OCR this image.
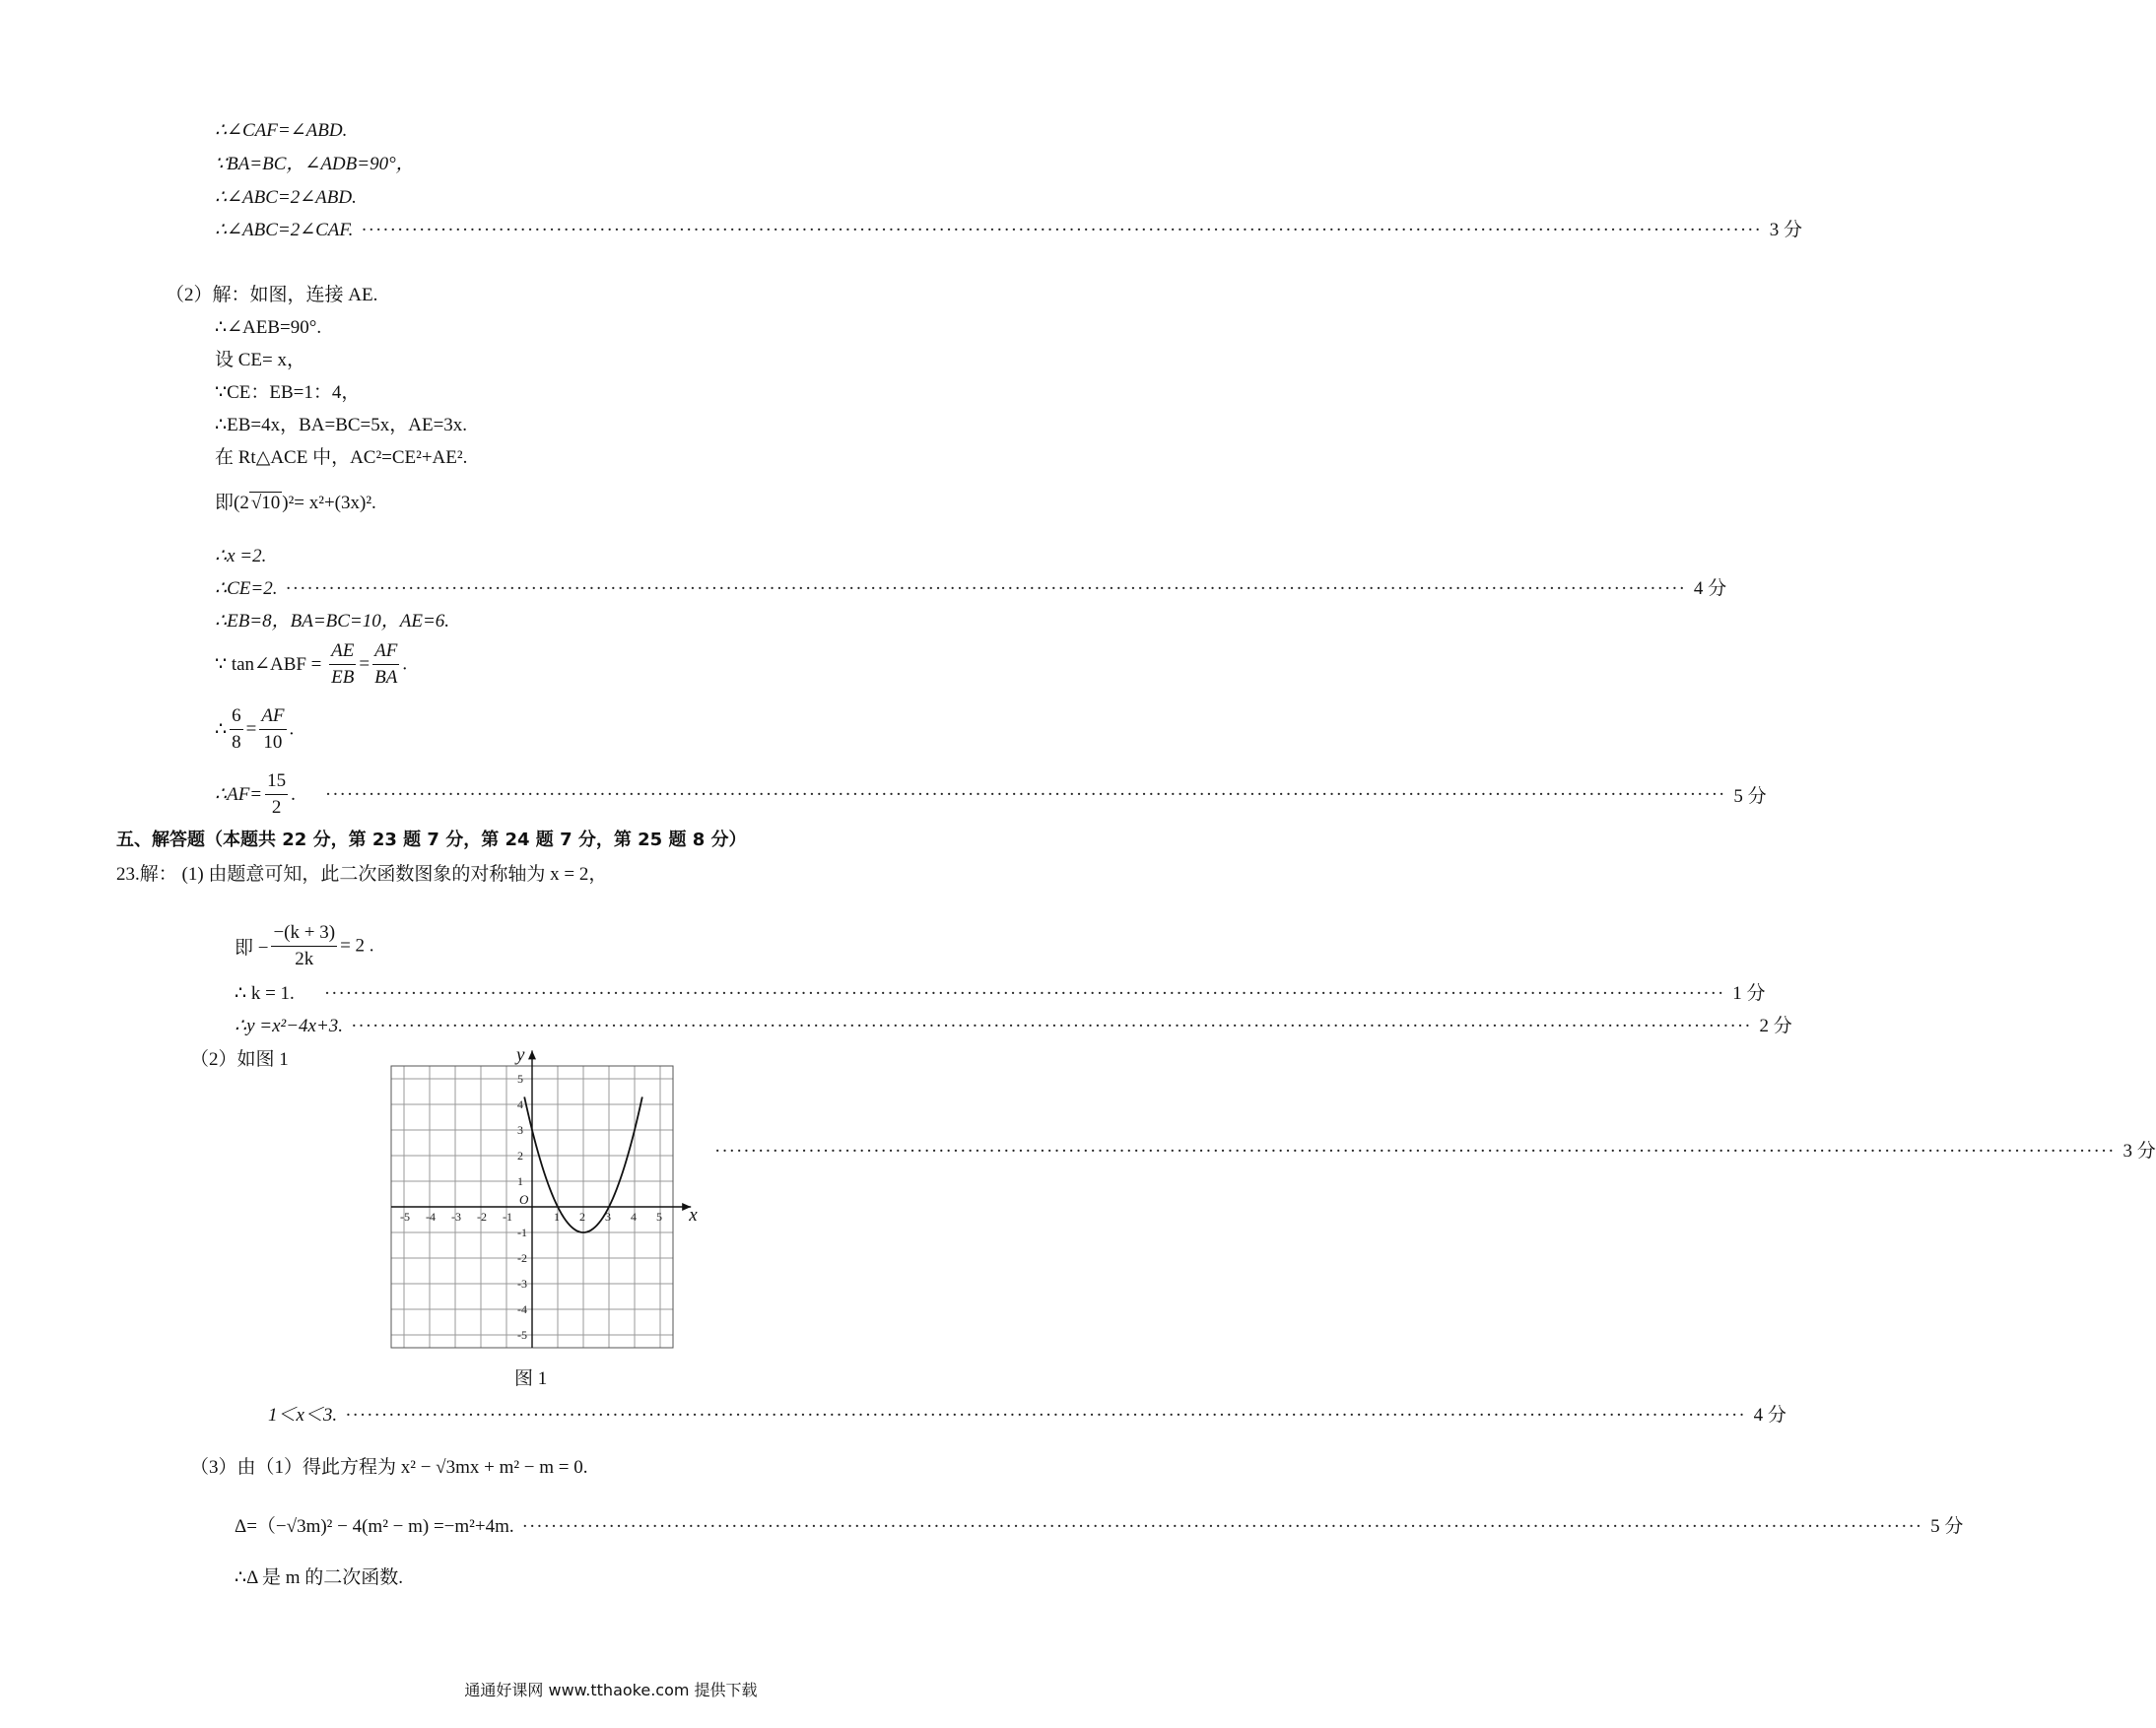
∴∠CAF=∠ABD.
∵BA=BC，∠ADB=90°，
∴∠ABC=2∠ABD.
∴∠ABC=2∠CAF. ·····	3 分
（2）解：如图，连接 AE.
∴∠AEB=90°.
设 CE= x，
∵CE：EB=1：4，
∴EB=4x，BA=BC=5x，AE=3x.
在 Rt△ACE 中，AC²=CE²+AE².
即(2 √10 )²= x²+(3x)².
∴x =2.
∴CE=2. ·····	4 分
∴EB=8，BA=BC=10，AE=6.
∵ tan∠ABF = $\frac{AE}{EB} = \frac{AF}{BA}$ .
∴ $\frac{6}{8} = \frac{AF}{10}$ .
∴AF= $\frac{15}{2}$ . ·····	5 分
五、解答题（本题共 22 分，第 23 题 7 分，第 24 题 7 分，第 25 题 8 分）
23.解： (1) 由题意可知，此二次函数图象的对称轴为 x = 2，
即 − $\frac{-(k + 3)}{2k} = 2$ .
∴ k = 1. ·····	1 分
∴y =x²−4x+3. ·····	2 分
（2）如图 1
-5 -4 -3 -2 -1	1 2 3 4 5
5
4
3
2
1
-1
-2
-3
-4
-5
O
x
y
·····
3 分
图 1
1＜x＜3. ·····	4 分
（3）由（1）得此方程为 x² − √3mx + m² − m = 0.
Δ=（−√3m)² − 4(m² − m) =−m²+4m. ·····	5 分
∴Δ 是 m 的二次函数.
通通好课网 www.tthaoke.com 提供下载
